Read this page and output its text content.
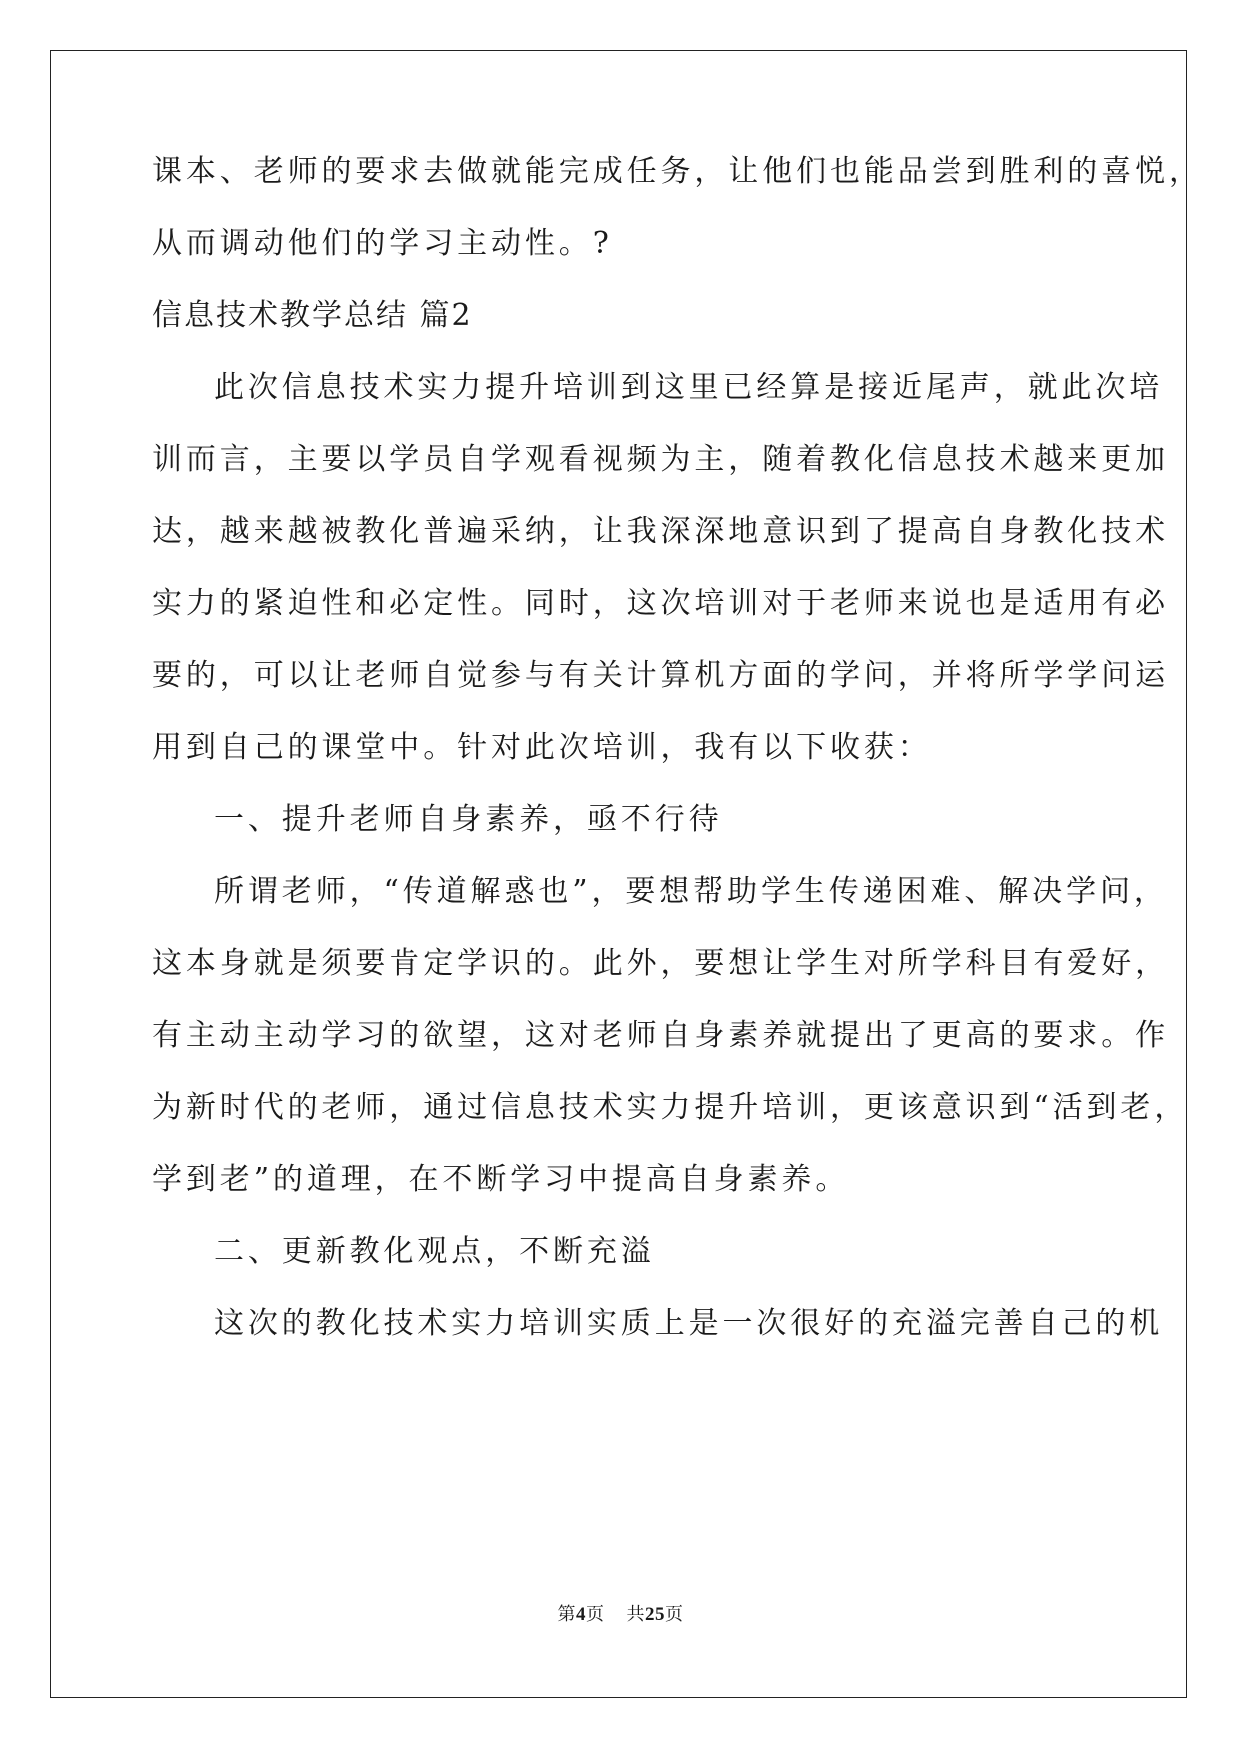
课本、老师的要求去做就能完成任务，让他们也能品尝到胜利的喜悦，
从而调动他们的学习主动性。?
信息技术教学总结 篇2
此次信息技术实力提升培训到这里已经算是接近尾声，就此次培
训而言，主要以学员自学观看视频为主，随着教化信息技术越来更加
达，越来越被教化普遍采纳，让我深深地意识到了提高自身教化技术
实力的紧迫性和必定性。同时，这次培训对于老师来说也是适用有必
要的，可以让老师自觉参与有关计算机方面的学问，并将所学学问运
用到自己的课堂中。针对此次培训，我有以下收获：
一、提升老师自身素养，亟不行待
所谓老师，“传道解惑也”，要想帮助学生传递困难、解决学问，
这本身就是须要肯定学识的。此外，要想让学生对所学科目有爱好，
有主动主动学习的欲望，这对老师自身素养就提出了更高的要求。作
为新时代的老师，通过信息技术实力提升培训，更该意识到“活到老，
学到老”的道理，在不断学习中提高自身素养。
二、更新教化观点，不断充溢
这次的教化技术实力培训实质上是一次很好的充溢完善自己的机
第4页 共25页
